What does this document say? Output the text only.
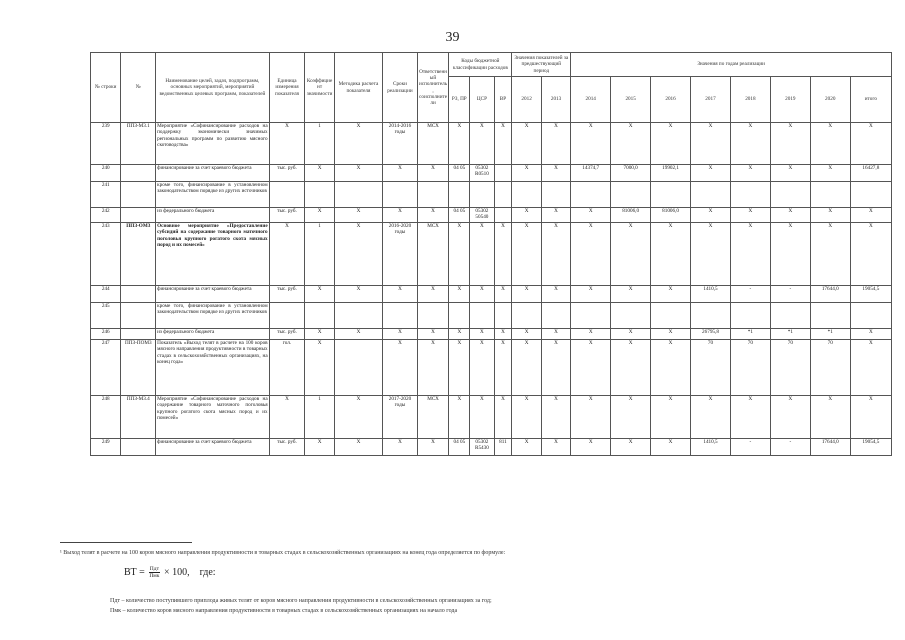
39
№ строки	№	Наименование целей, задач, подпрограмм, основных мероприятий, мероприятий ведомственных целевых программ, показателей	Единица измерения показателя	Коэффициент значимости	Методика расчета показателя	Сроки реализации	Ответственный исполнитель, соисполнители	Коды бюджетной классификации расходов			Значения показателей за предшествующий период		Значения по годам реализации							
								РЗ, ПР	ЦСР	ВР	2012	2013	2014	2015	2016	2017	2018	2019	2020	итого
239	ППЗ-М3.1	Мероприятие «Софинансирование расходов на поддержку экономически значимых региональных программ по развитию мясного скотоводства»	Х	1	Х	2014-2016 годы	МСХ	Х	Х	Х	Х	Х	Х	Х	Х	Х	Х	Х	Х	Х
240		финансирование за счет краевого бюджета	тыс. руб.	Х	Х	Х	Х	04 05	05302 R0510		Х	Х	14374,7	7000,0	19902,1	Х	Х	Х	Х	16427,8
241		кроме того, финансирование в установленном законодательством порядке из других источников																		
242		из федерального бюджета	тыс. руб.	Х	Х	Х	Х	04 05	05302 50540		Х	Х	Х	81006,0	81006,0	Х	Х	Х	Х	Х
243	ППЗ-ОМ3	Основное мероприятие «Предоставление субсидий на содержание товарного маточного поголовья крупного рогатого скота мясных пород и их помесей»	Х	1	Х	2016-2020 годы	МСХ	Х	Х	Х	Х	Х	Х	Х	Х	Х	Х	Х	Х	Х
244		финансирование за счет краевого бюджета	тыс. руб.	Х	Х	Х	Х	Х	Х	Х	Х	Х	Х	Х	Х	1410,5	-	-	17644,0	19054,5
245		кроме того, финансирование в установленном законодательством порядке из других источников																		
246		из федерального бюджета	тыс. руб.	Х	Х	Х	Х	Х	Х	Х	Х	Х	Х	Х	Х	26795,8	*1	*1	*1	Х
247	ППЗ-ПОМ3	Показатель «Выход телят в расчете на 100 коров мясного направления продуктивности в товарных стадах в сельскохозяйственных организациях, на конец года»	гол.	Х		Х	Х	Х	Х	Х	Х	Х	Х	Х	Х	70	70	70	70	Х
248	ППЗ-М3.4	Мероприятие «Софинансирование расходов на содержание товарного маточного поголовья крупного рогатого скота мясных пород и их помесей»	Х	1	Х	2017-2020 годы	МСХ	Х	Х	Х	Х	Х	Х	Х	Х	Х	Х	Х	Х	Х
249		финансирование за счет краевого бюджета	тыс. руб.	Х	Х	Х	Х	04 05	05302 R5430	811	Х	Х	Х	Х	Х	1410,5	-	-	17644,0	19054,5
¹ Выход телят в расчете на 100 коров мясного направления продуктивности в товарных стадах в сельскохозяйственных организациях на конец года определяется по формуле:
ВТ = $\frac{\text{Пдт}}{\text{Пмк}} \times 100$, где:
Пдт – количество поступившего приплода живых телят от коров мясного направления продуктивности в сельскохозяйственных организациях за год;
Пмк – количество коров мясного направления продуктивности в товарных стадах в сельскохозяйственных организациях на начало года
